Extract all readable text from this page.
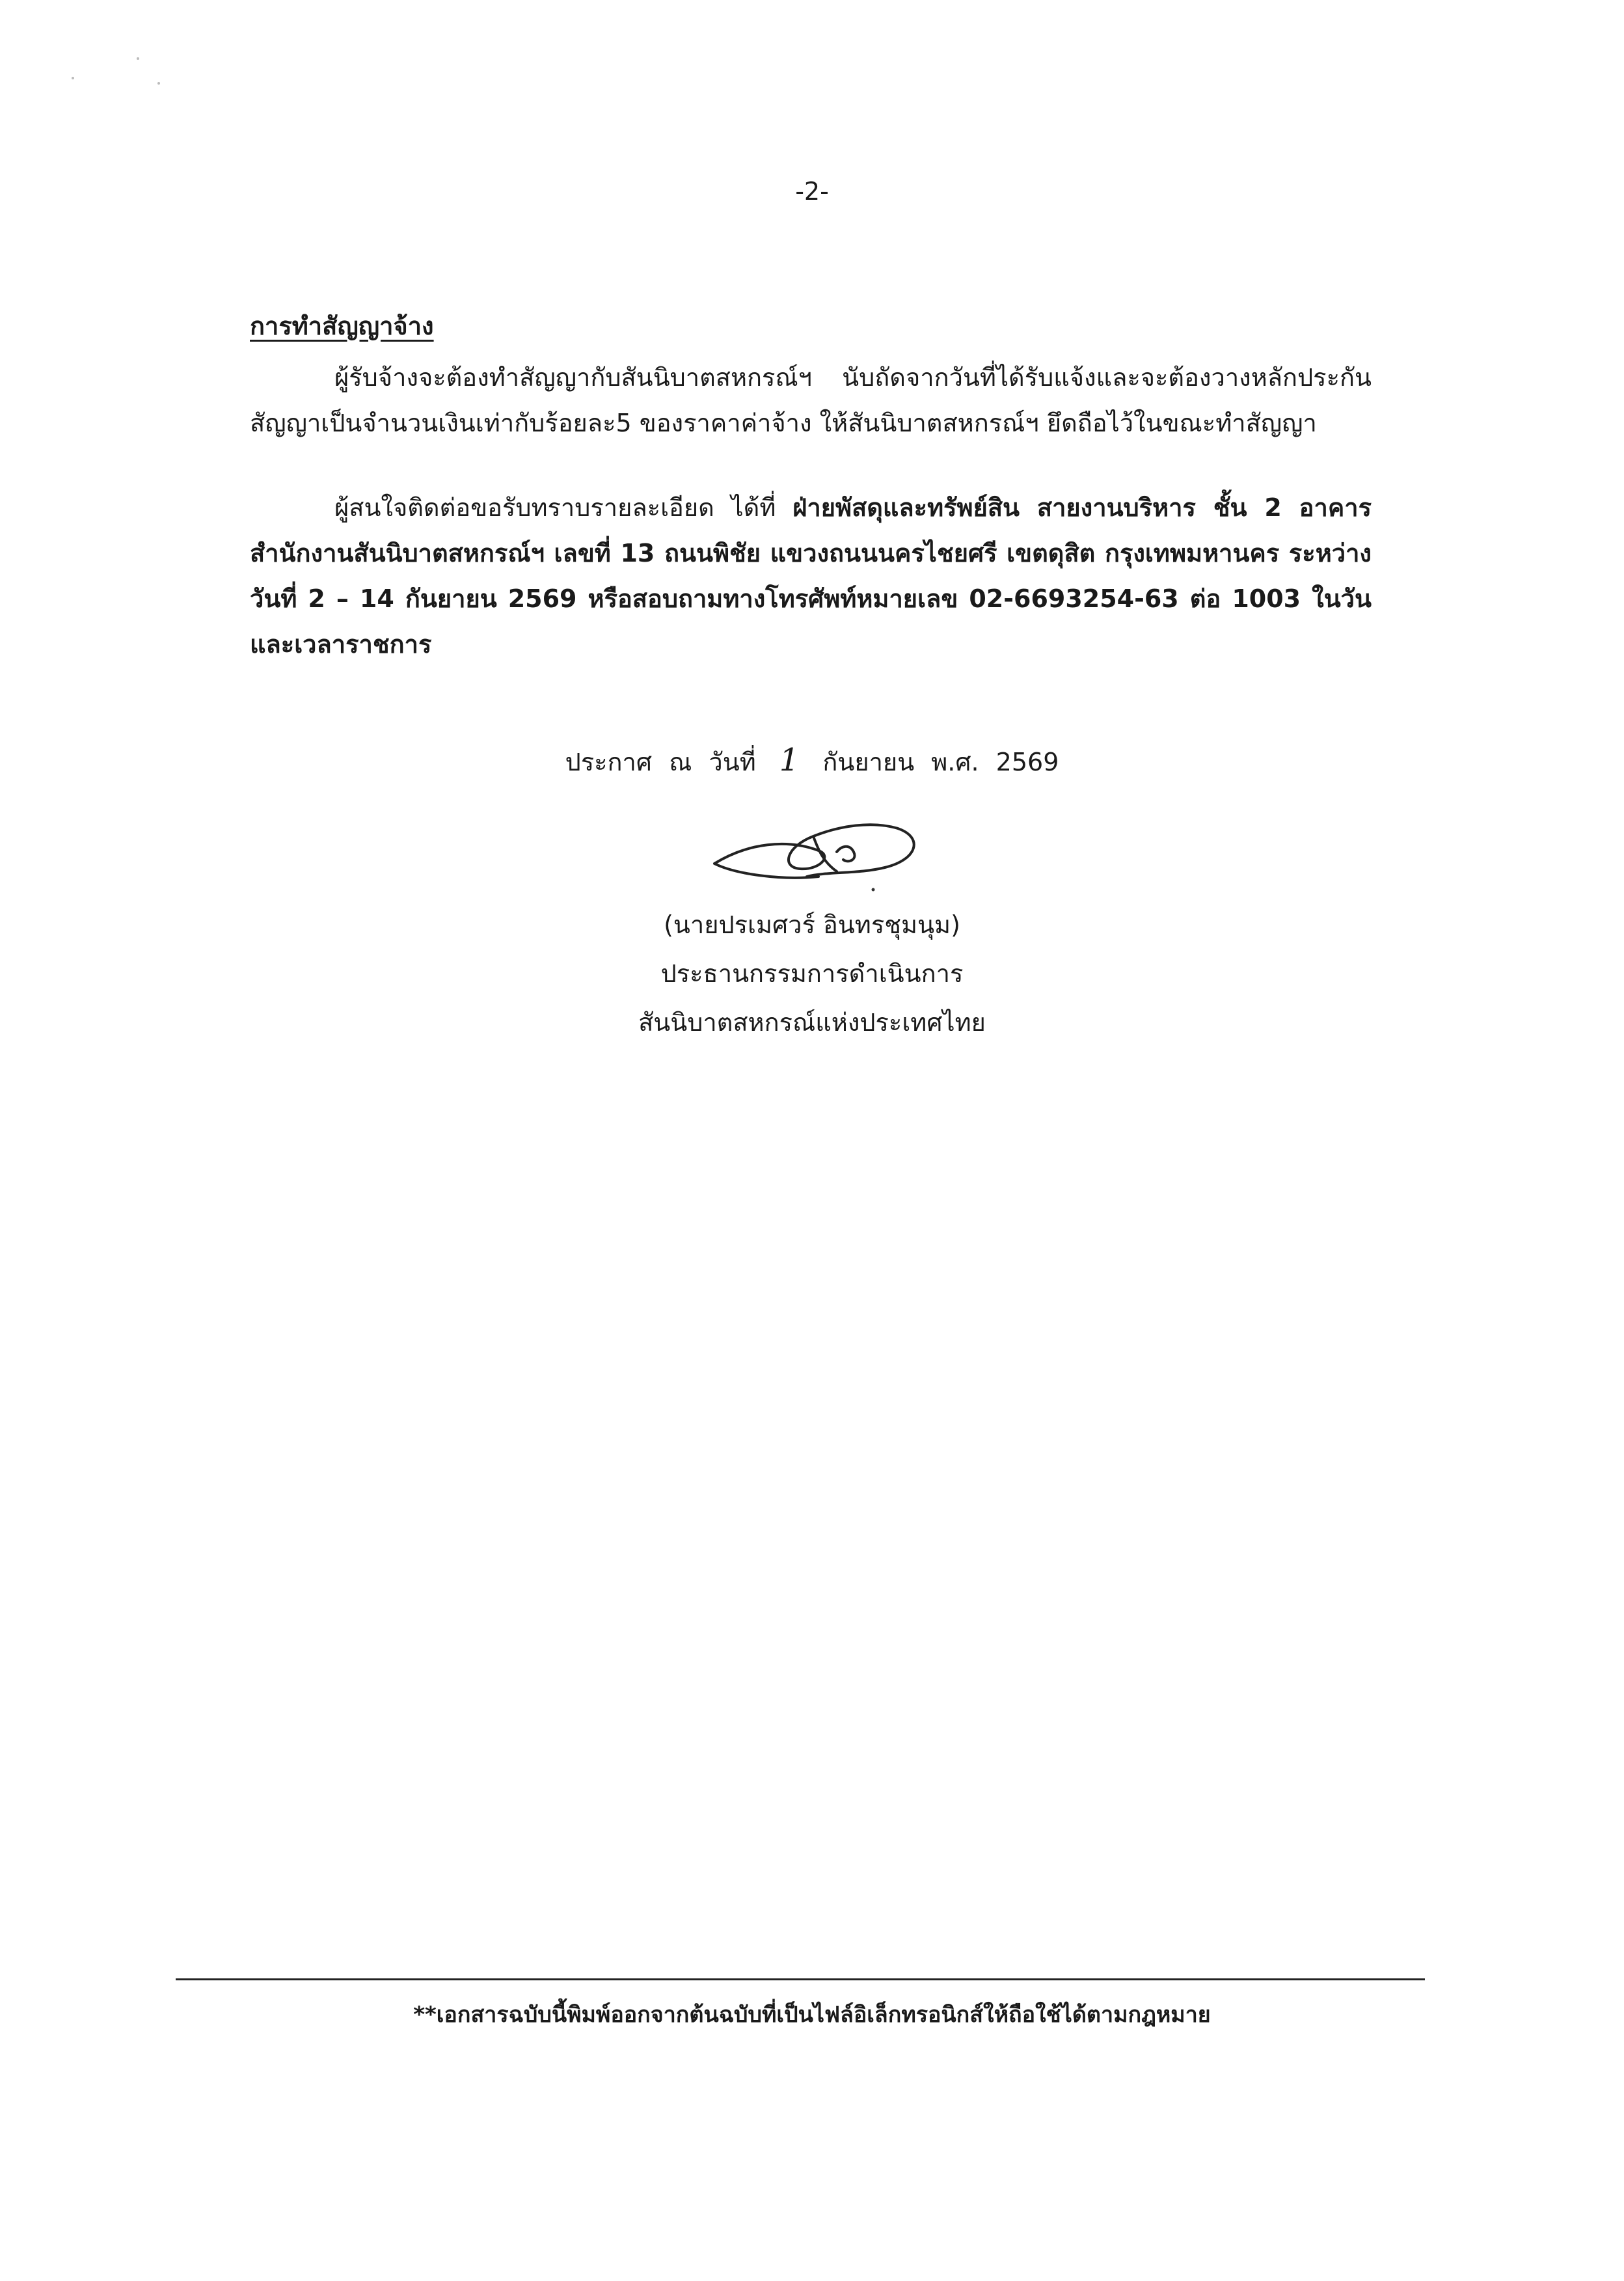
-2-
การทำสัญญาจ้าง
ผู้รับจ้างจะต้องทำสัญญากับสันนิบาตสหกรณ์ฯ นับถัดจากวันที่ได้รับแจ้งและจะต้องวางหลักประกันสัญญาเป็นจำนวนเงินเท่ากับร้อยละ5 ของราคาค่าจ้าง ให้สันนิบาตสหกรณ์ฯ ยึดถือไว้ในขณะทำสัญญา
ผู้สนใจติดต่อขอรับทราบรายละเอียด ได้ที่ ฝ่ายพัสดุและทรัพย์สิน สายงานบริหาร ชั้น 2 อาคาร สำนักงานสันนิบาตสหกรณ์ฯ เลขที่ 13 ถนนพิชัย แขวงถนนนครไชยศรี เขตดุสิต กรุงเทพมหานคร ระหว่างวันที่ 2 – 14 กันยายน 2569 หรือสอบถามทางโทรศัพท์หมายเลข 02-6693254-63 ต่อ 1003 ในวันและเวลาราชการ
ประกาศ ณ วันที่ 1 กันยายน พ.ศ. 2569
(นายปรเมศวร์ อินทรชุมนุม)
ประธานกรรมการดำเนินการ
สันนิบาตสหกรณ์แห่งประเทศไทย
**เอกสารฉบับนี้พิมพ์ออกจากต้นฉบับที่เป็นไฟล์อิเล็กทรอนิกส์ให้ถือใช้ได้ตามกฎหมาย
